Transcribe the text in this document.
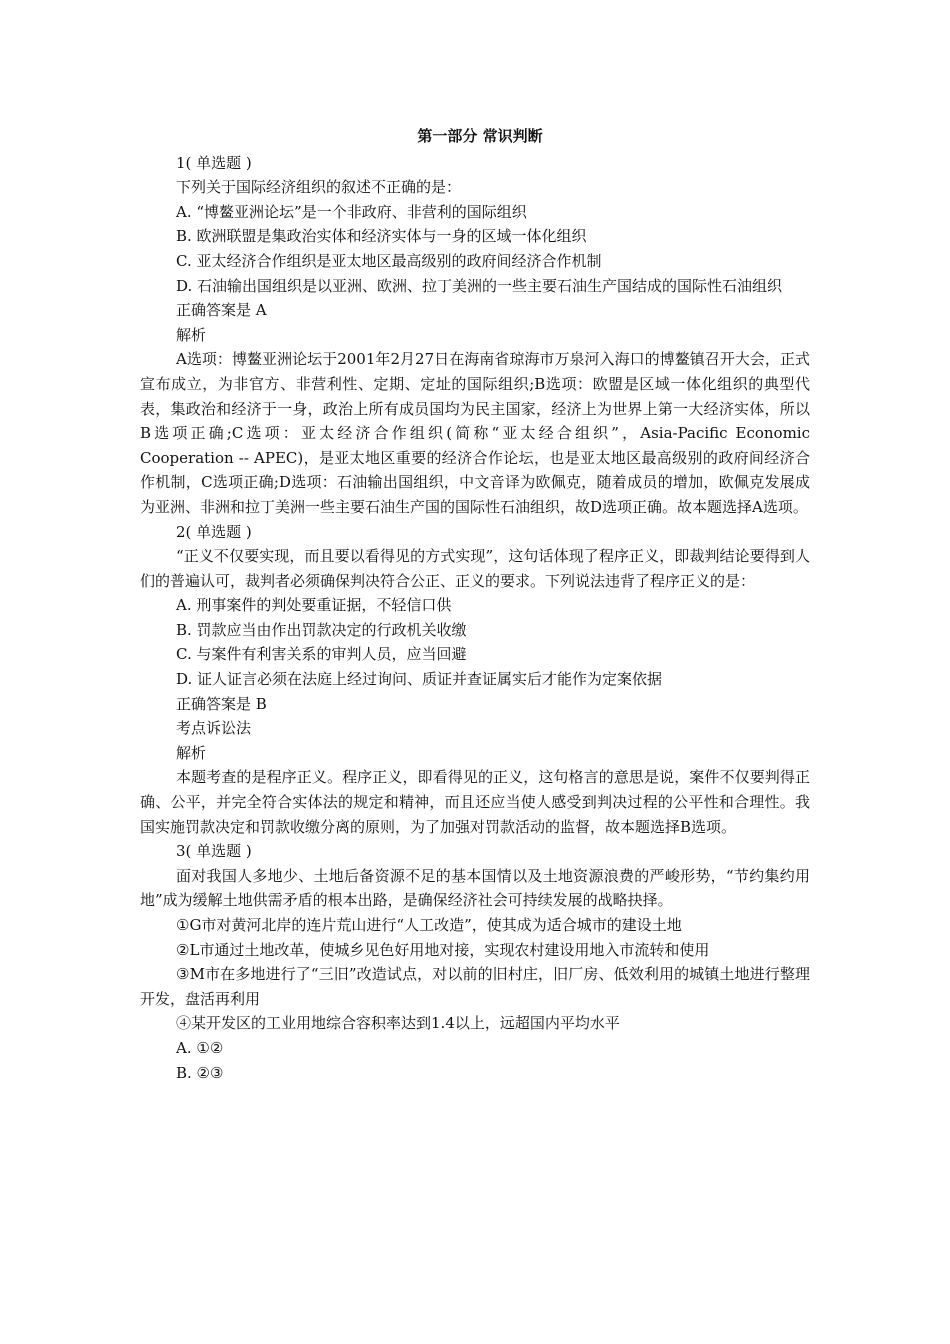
第一部分 常识判断

1( 单选题 )

下列关于国际经济组织的叙述不正确的是：

A. “博鳌亚洲论坛”是一个非政府、非营利的国际组织

B. 欧洲联盟是集政治实体和经济实体与一身的区域一体化组织

C. 亚太经济合作组织是亚太地区最高级别的政府间经济合作机制

D. 石油输出国组织是以亚洲、欧洲、拉丁美洲的一些主要石油生产国结成的国际性石油组织

正确答案是 A

解析

A选项：博鳌亚洲论坛于2001年2月27日在海南省琼海市万泉河入海口的博鳌镇召开大会，正式宣布成立，为非官方、非营利性、定期、定址的国际组织;B选项：欧盟是区域一体化组织的典型代表，集政治和经济于一身，政治上所有成员国均为民主国家，经济上为世界上第一大经济实体，所以B选项正确;C选项：亚太经济合作组织(简称“亚太经合组织”，Asia-Pacific Economic Cooperation -- APEC)，是亚太地区重要的经济合作论坛，也是亚太地区最高级别的政府间经济合作机制，C选项正确;D选项：石油输出国组织，中文音译为欧佩克，随着成员的增加，欧佩克发展成为亚洲、非洲和拉丁美洲一些主要石油生产国的国际性石油组织，故D选项正确。故本题选择A选项。

2( 单选题 )

“正义不仅要实现，而且要以看得见的方式实现”，这句话体现了程序正义，即裁判结论要得到人们的普遍认可，裁判者必须确保判决符合公正、正义的要求。下列说法违背了程序正义的是：

A. 刑事案件的判处要重证据，不轻信口供

B. 罚款应当由作出罚款决定的行政机关收缴

C. 与案件有利害关系的审判人员，应当回避

D. 证人证言必须在法庭上经过询问、质证并查证属实后才能作为定案依据

正确答案是 B

考点诉讼法

解析

本题考查的是程序正义。程序正义，即看得见的正义，这句格言的意思是说，案件不仅要判得正确、公平，并完全符合实体法的规定和精神，而且还应当使人感受到判决过程的公平性和合理性。我国实施罚款决定和罚款收缴分离的原则，为了加强对罚款活动的监督，故本题选择B选项。

3( 单选题 )

面对我国人多地少、土地后备资源不足的基本国情以及土地资源浪费的严峻形势，“节约集约用地”成为缓解土地供需矛盾的根本出路，是确保经济社会可持续发展的战略抉择。

①G市对黄河北岸的连片荒山进行“人工改造”，使其成为适合城市的建设土地

②L市通过土地改革，使城乡见色好用地对接，实现农村建设用地入市流转和使用

③M市在多地进行了“三旧”改造试点，对以前的旧村庄，旧厂房、低效利用的城镇土地进行整理开发，盘活再利用

④某开发区的工业用地综合容积率达到1.4以上，远超国内平均水平

A. ①②

B. ②③
